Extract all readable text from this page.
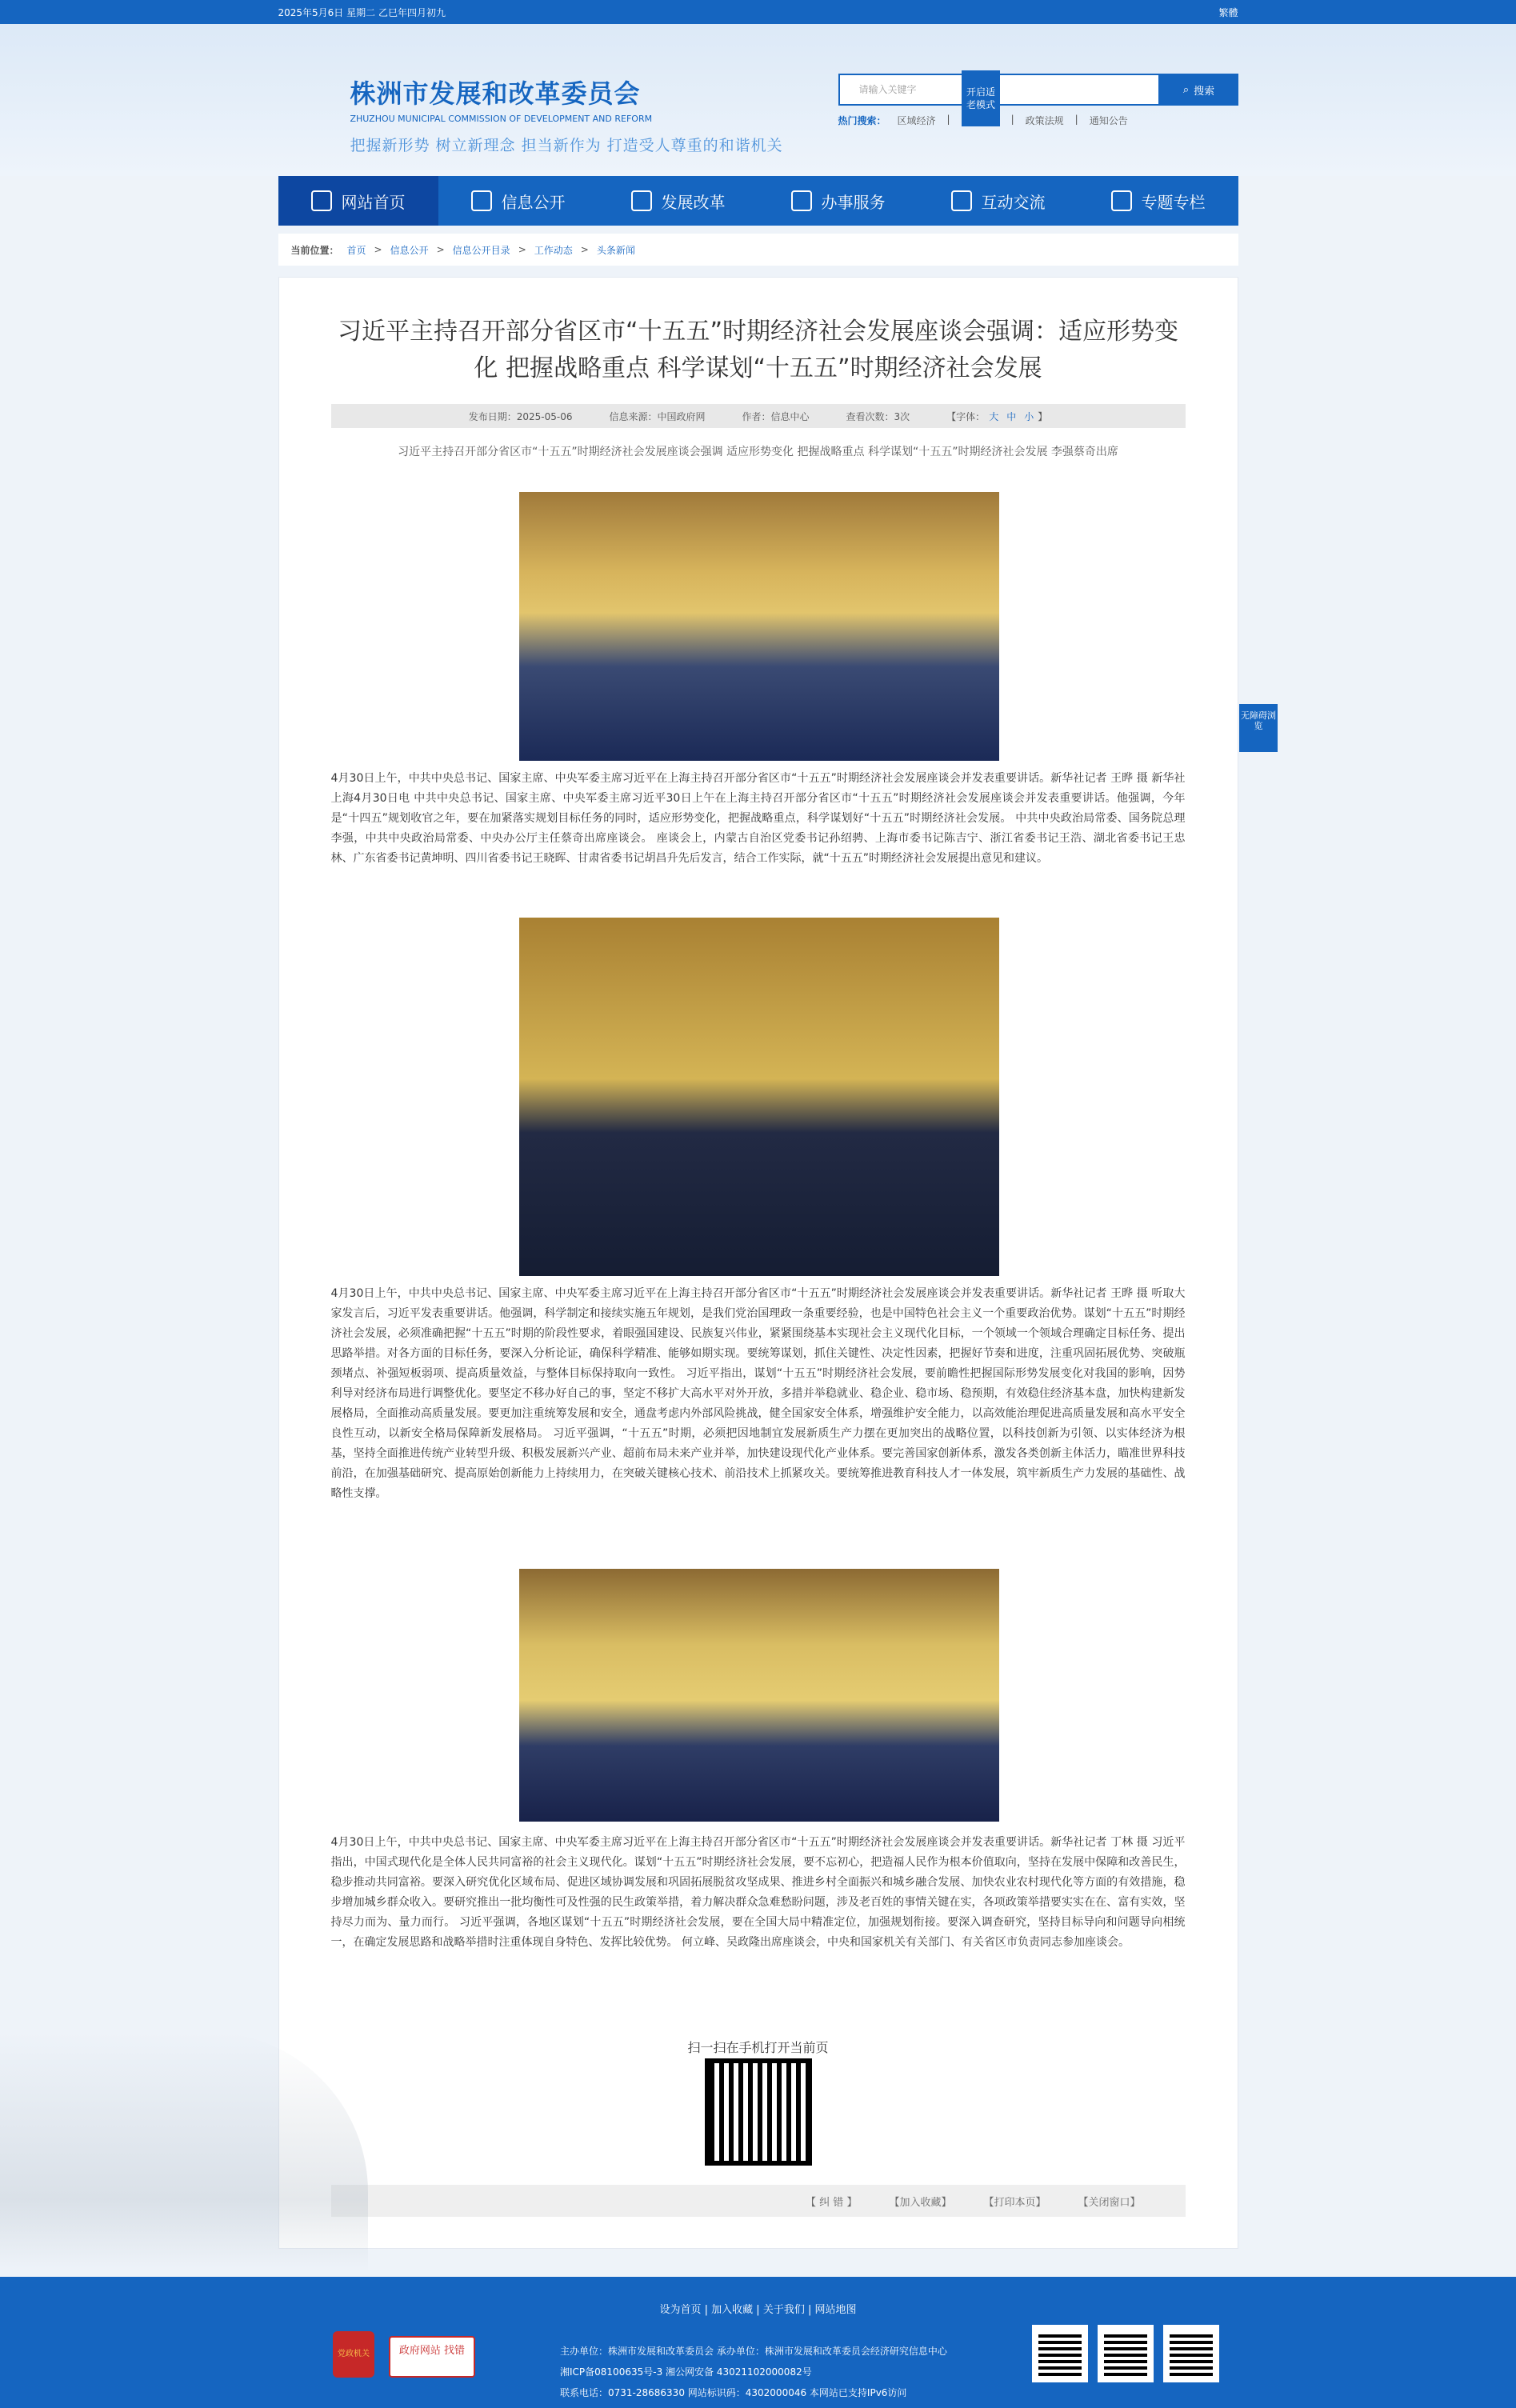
2025年5月6日 星期二 乙巳年四月初九	繁體
株洲市发展和改革委员会
ZHUZHOU MUNICIPAL COMMISSION OF DEVELOPMENT AND REFORM
把握新形势 树立新理念 担当新作为 打造受人尊重的和谐机关
请输入关键字	⌕ 搜索
热门搜索： 区域经济 |	| 政策法规 | 通知公告
开启适老模式
网站首页	信息公开	发展改革	办事服务	互动交流	专题专栏
当前位置： 首页 > 信息公开 > 信息公开目录 > 工作动态 > 头条新闻
习近平主持召开部分省区市“十五五”时期经济社会发展座谈会强调：适应形势变化 把握战略重点 科学谋划“十五五”时期经济社会发展
发布日期：2025-05-06	信息来源：中国政府网	作者：信息中心	查看次数：3次	【字体： 大 中 小 】
习近平主持召开部分省区市“十五五”时期经济社会发展座谈会强调 适应形势变化 把握战略重点 科学谋划“十五五”时期经济社会发展 李强蔡奇出席
4月30日上午，中共中央总书记、国家主席、中央军委主席习近平在上海主持召开部分省区市“十五五”时期经济社会发展座谈会并发表重要讲话。新华社记者 王晔 摄 新华社上海4月30日电 中共中央总书记、国家主席、中央军委主席习近平30日上午在上海主持召开部分省区市“十五五”时期经济社会发展座谈会并发表重要讲话。他强调，今年是“十四五”规划收官之年，要在加紧落实规划目标任务的同时，适应形势变化，把握战略重点，科学谋划好“十五五”时期经济社会发展。 中共中央政治局常委、国务院总理李强，中共中央政治局常委、中央办公厅主任蔡奇出席座谈会。 座谈会上，内蒙古自治区党委书记孙绍骋、上海市委书记陈吉宁、浙江省委书记王浩、湖北省委书记王忠林、广东省委书记黄坤明、四川省委书记王晓晖、甘肃省委书记胡昌升先后发言，结合工作实际，就“十五五”时期经济社会发展提出意见和建议。
4月30日上午，中共中央总书记、国家主席、中央军委主席习近平在上海主持召开部分省区市“十五五”时期经济社会发展座谈会并发表重要讲话。新华社记者 王晔 摄 听取大家发言后，习近平发表重要讲话。他强调，科学制定和接续实施五年规划，是我们党治国理政一条重要经验，也是中国特色社会主义一个重要政治优势。谋划“十五五”时期经济社会发展，必须准确把握“十五五”时期的阶段性要求，着眼强国建设、民族复兴伟业，紧紧围绕基本实现社会主义现代化目标，一个领域一个领域合理确定目标任务、提出思路举措。对各方面的目标任务，要深入分析论证，确保科学精准、能够如期实现。要统筹谋划，抓住关键性、决定性因素，把握好节奏和进度，注重巩固拓展优势、突破瓶颈堵点、补强短板弱项、提高质量效益，与整体目标保持取向一致性。 习近平指出，谋划“十五五”时期经济社会发展，要前瞻性把握国际形势发展变化对我国的影响，因势利导对经济布局进行调整优化。要坚定不移办好自己的事，坚定不移扩大高水平对外开放，多措并举稳就业、稳企业、稳市场、稳预期，有效稳住经济基本盘，加快构建新发展格局，全面推动高质量发展。要更加注重统筹发展和安全，通盘考虑内外部风险挑战，健全国家安全体系，增强维护安全能力，以高效能治理促进高质量发展和高水平安全良性互动，以新安全格局保障新发展格局。 习近平强调，“十五五”时期，必须把因地制宜发展新质生产力摆在更加突出的战略位置，以科技创新为引领、以实体经济为根基，坚持全面推进传统产业转型升级、积极发展新兴产业、超前布局未来产业并举，加快建设现代化产业体系。要完善国家创新体系，激发各类创新主体活力，瞄准世界科技前沿，在加强基础研究、提高原始创新能力上持续用力，在突破关键核心技术、前沿技术上抓紧攻关。要统筹推进教育科技人才一体发展，筑牢新质生产力发展的基础性、战略性支撑。
4月30日上午，中共中央总书记、国家主席、中央军委主席习近平在上海主持召开部分省区市“十五五”时期经济社会发展座谈会并发表重要讲话。新华社记者 丁林 摄 习近平指出，中国式现代化是全体人民共同富裕的社会主义现代化。谋划“十五五”时期经济社会发展，要不忘初心，把造福人民作为根本价值取向，坚持在发展中保障和改善民生，稳步推动共同富裕。要深入研究优化区域布局、促进区域协调发展和巩固拓展脱贫攻坚成果、推进乡村全面振兴和城乡融合发展、加快农业农村现代化等方面的有效措施，稳步增加城乡群众收入。要研究推出一批均衡性可及性强的民生政策举措，着力解决群众急难愁盼问题，涉及老百姓的事情关键在实，各项政策举措要实实在在、富有实效，坚持尽力而为、量力而行。 习近平强调，各地区谋划“十五五”时期经济社会发展，要在全国大局中精准定位，加强规划衔接。要深入调查研究，坚持目标导向和问题导向相统一，在确定发展思路和战略举措时注重体现自身特色、发挥比较优势。 何立峰、吴政隆出席座谈会，中央和国家机关有关部门、有关省区市负责同志参加座谈会。
扫一扫在手机打开当前页
【 纠 错 】	【加入收藏】	【打印本页】	【关闭窗口】
无障碍浏览
设为首页 | 加入收藏 | 关于我们 | 网站地图
党政机关	政府网站 找错	主办单位：株洲市发展和改革委员会 承办单位：株洲市发展和改革委员会经济研究信息中心
湘ICP备08100635号-3 湘公网安备 43021102000082号
联系电话：0731-28686330 网站标识码：4302000046 本网站已支持IPv6访问
